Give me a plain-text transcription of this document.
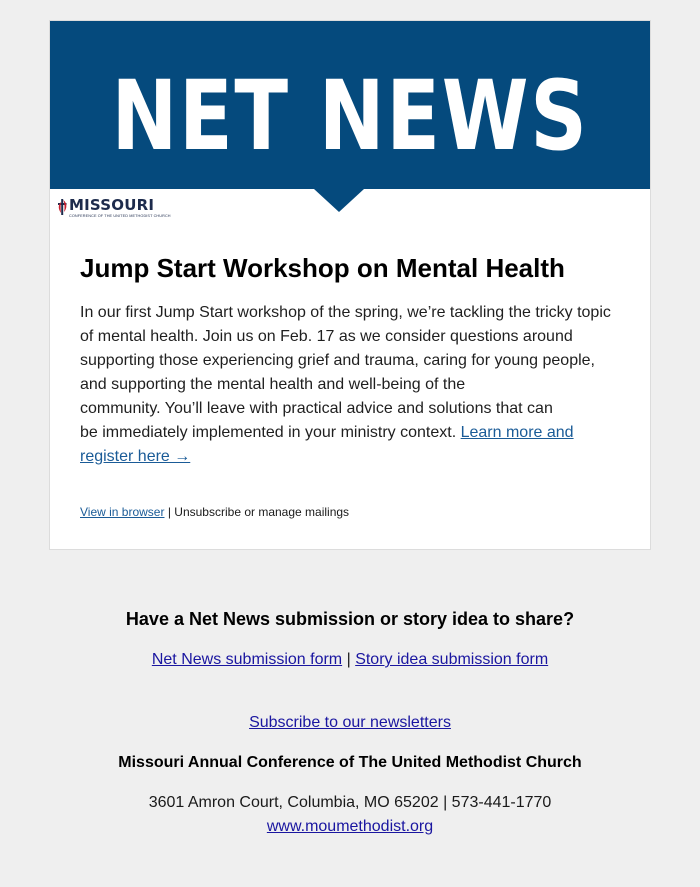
NET NEWS
MISSOURI
CONFERENCE OF THE UNITED METHODIST CHURCH
Jump Start Workshop on Mental Health

In our first Jump Start workshop of the spring, we’re tackling the tricky topic
of mental health. Join us on Feb. 17 as we consider questions around
supporting those experiencing grief and trauma, caring for young people,
and supporting the mental health and well-being of the
community. You’ll leave with practical advice and solutions that can
be immediately implemented in your ministry context. Learn more and register here →

View in browser | Unsubscribe or manage mailings
Have a Net News submission or story idea to share?
Net News submission form | Story idea submission form
Subscribe to our newsletters
Missouri Annual Conference of The United Methodist Church
3601 Amron Court, Columbia, MO 65202 | 573-441-1770
www.moumethodist.org
